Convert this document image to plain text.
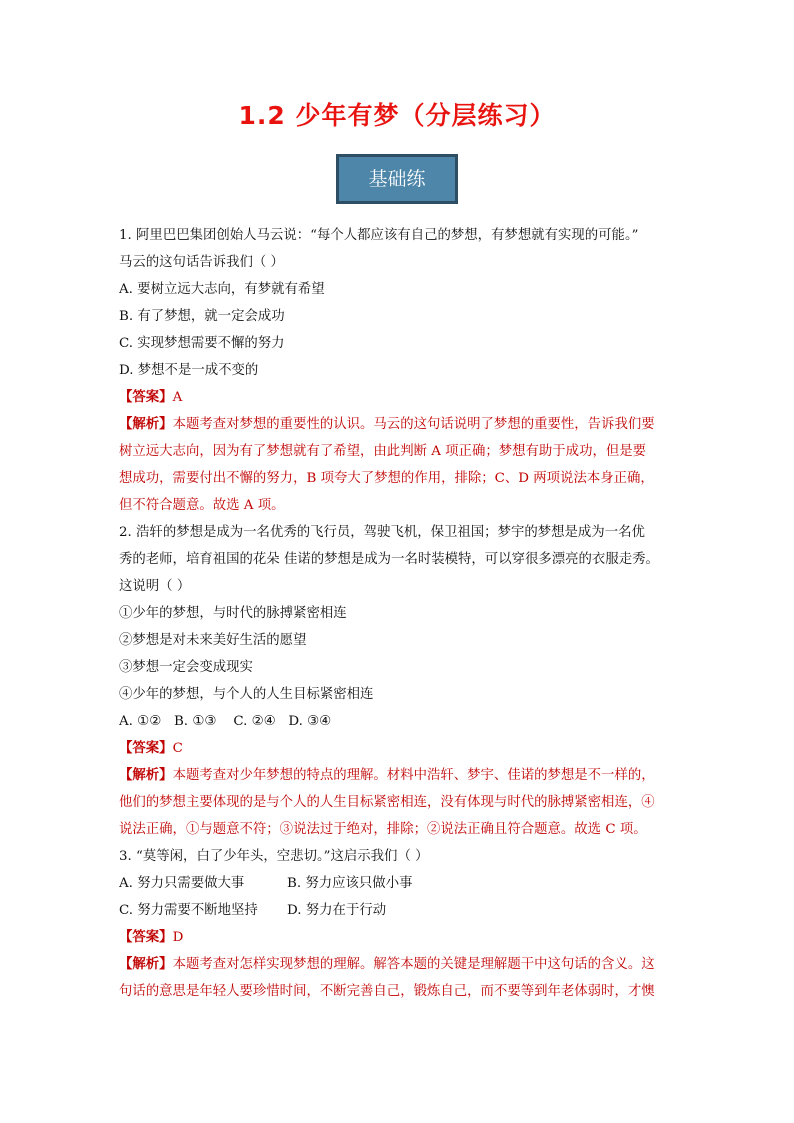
1.2 少年有梦（分层练习）
基础练
1. 阿里巴巴集团创始人马云说：“每个人都应该有自己的梦想，有梦想就有实现的可能。”
马云的这句话告诉我们（ ）
A. 要树立远大志向，有梦就有希望
B. 有了梦想，就一定会成功
C. 实现梦想需要不懈的努力
D. 梦想不是一成不变的
【答案】A
【解析】本题考查对梦想的重要性的认识。马云的这句话说明了梦想的重要性，告诉我们要
树立远大志向，因为有了梦想就有了希望，由此判断 A 项正确；梦想有助于成功，但是要
想成功，需要付出不懈的努力，B 项夸大了梦想的作用，排除；C、D 两项说法本身正确，
但不符合题意。故选 A 项。
2. 浩轩的梦想是成为一名优秀的飞行员，驾驶飞机，保卫祖国；梦宇的梦想是成为一名优
秀的老师，培育祖国的花朵 佳诺的梦想是成为一名时装模特，可以穿很多漂亮的衣服走秀。
这说明（ ）
①少年的梦想，与时代的脉搏紧密相连
②梦想是对未来美好生活的愿望
③梦想一定会变成现实
④少年的梦想，与个人的人生目标紧密相连
A. ①②   B. ①③    C. ②④   D. ③④
【答案】C
【解析】本题考查对少年梦想的特点的理解。材料中浩轩、梦宇、佳诺的梦想是不一样的，
他们的梦想主要体现的是与个人的人生目标紧密相连，没有体现与时代的脉搏紧密相连，④
说法正确，①与题意不符；③说法过于绝对，排除；②说法正确且符合题意。故选 C 项。
3. “莫等闲，白了少年头，空悲切。”这启示我们（ ）
A. 努力只需要做大事	B. 努力应该只做小事
C. 努力需要不断地坚持 D. 努力在于行动
【答案】D
【解析】本题考查对怎样实现梦想的理解。解答本题的关键是理解题干中这句话的含义。这
句话的意思是年轻人要珍惜时间，不断完善自己，锻炼自己，而不要等到年老体弱时，才懊
